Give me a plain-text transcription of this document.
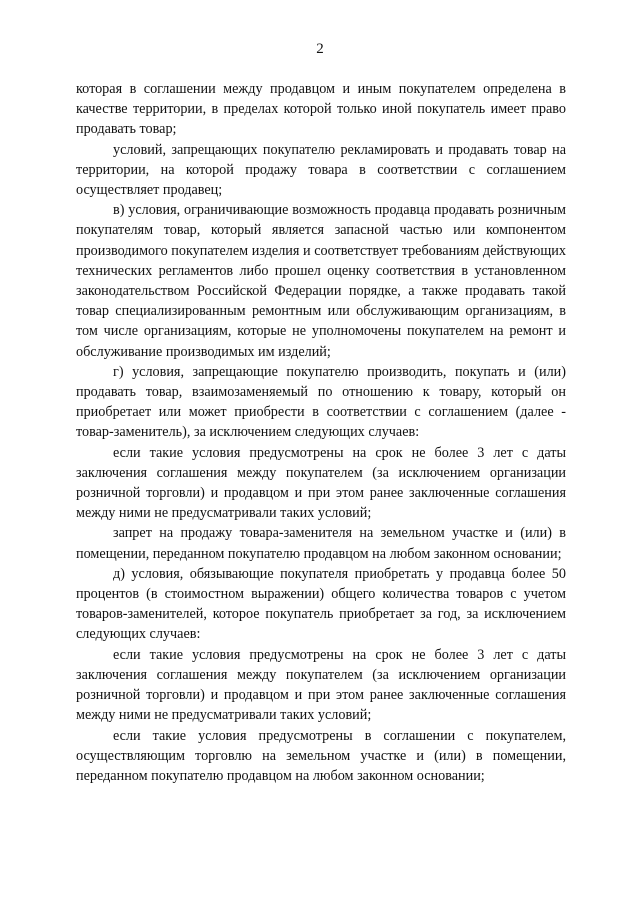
2

которая в соглашении между продавцом и иным покупателем определена в качестве территории, в пределах которой только иной покупатель имеет право продавать товар;

условий, запрещающих покупателю рекламировать и продавать товар на территории, на которой продажу товара в соответствии с соглашением осуществляет продавец;

в) условия, ограничивающие возможность продавца продавать розничным покупателям товар, который является запасной частью или компонентом производимого покупателем изделия и соответствует требованиям действующих технических регламентов либо прошел оценку соответствия в установленном законодательством Российской Федерации порядке, а также продавать такой товар специализированным ремонтным или обслуживающим организациям, в том числе организациям, которые не уполномочены покупателем на ремонт и обслуживание производимых им изделий;

г) условия, запрещающие покупателю производить, покупать и (или) продавать товар, взаимозаменяемый по отношению к товару, который он приобретает или может приобрести в соответствии с соглашением (далее - товар-заменитель), за исключением следующих случаев:

если такие условия предусмотрены на срок не более 3 лет с даты заключения соглашения между покупателем (за исключением организации розничной торговли) и продавцом и при этом ранее заключенные соглашения между ними не предусматривали таких условий;

запрет на продажу товара-заменителя на земельном участке и (или) в помещении, переданном покупателю продавцом на любом законном основании;

д) условия, обязывающие покупателя приобретать у продавца более 50 процентов (в стоимостном выражении) общего количества товаров с учетом товаров-заменителей, которое покупатель приобретает за год, за исключением следующих случаев:

если такие условия предусмотрены на срок не более 3 лет с даты заключения соглашения между покупателем (за исключением организации розничной торговли) и продавцом и при этом ранее заключенные соглашения между ними не предусматривали таких условий;

если такие условия предусмотрены в соглашении с покупателем, осуществляющим торговлю на земельном участке и (или) в помещении, переданном покупателю продавцом на любом законном основании;
